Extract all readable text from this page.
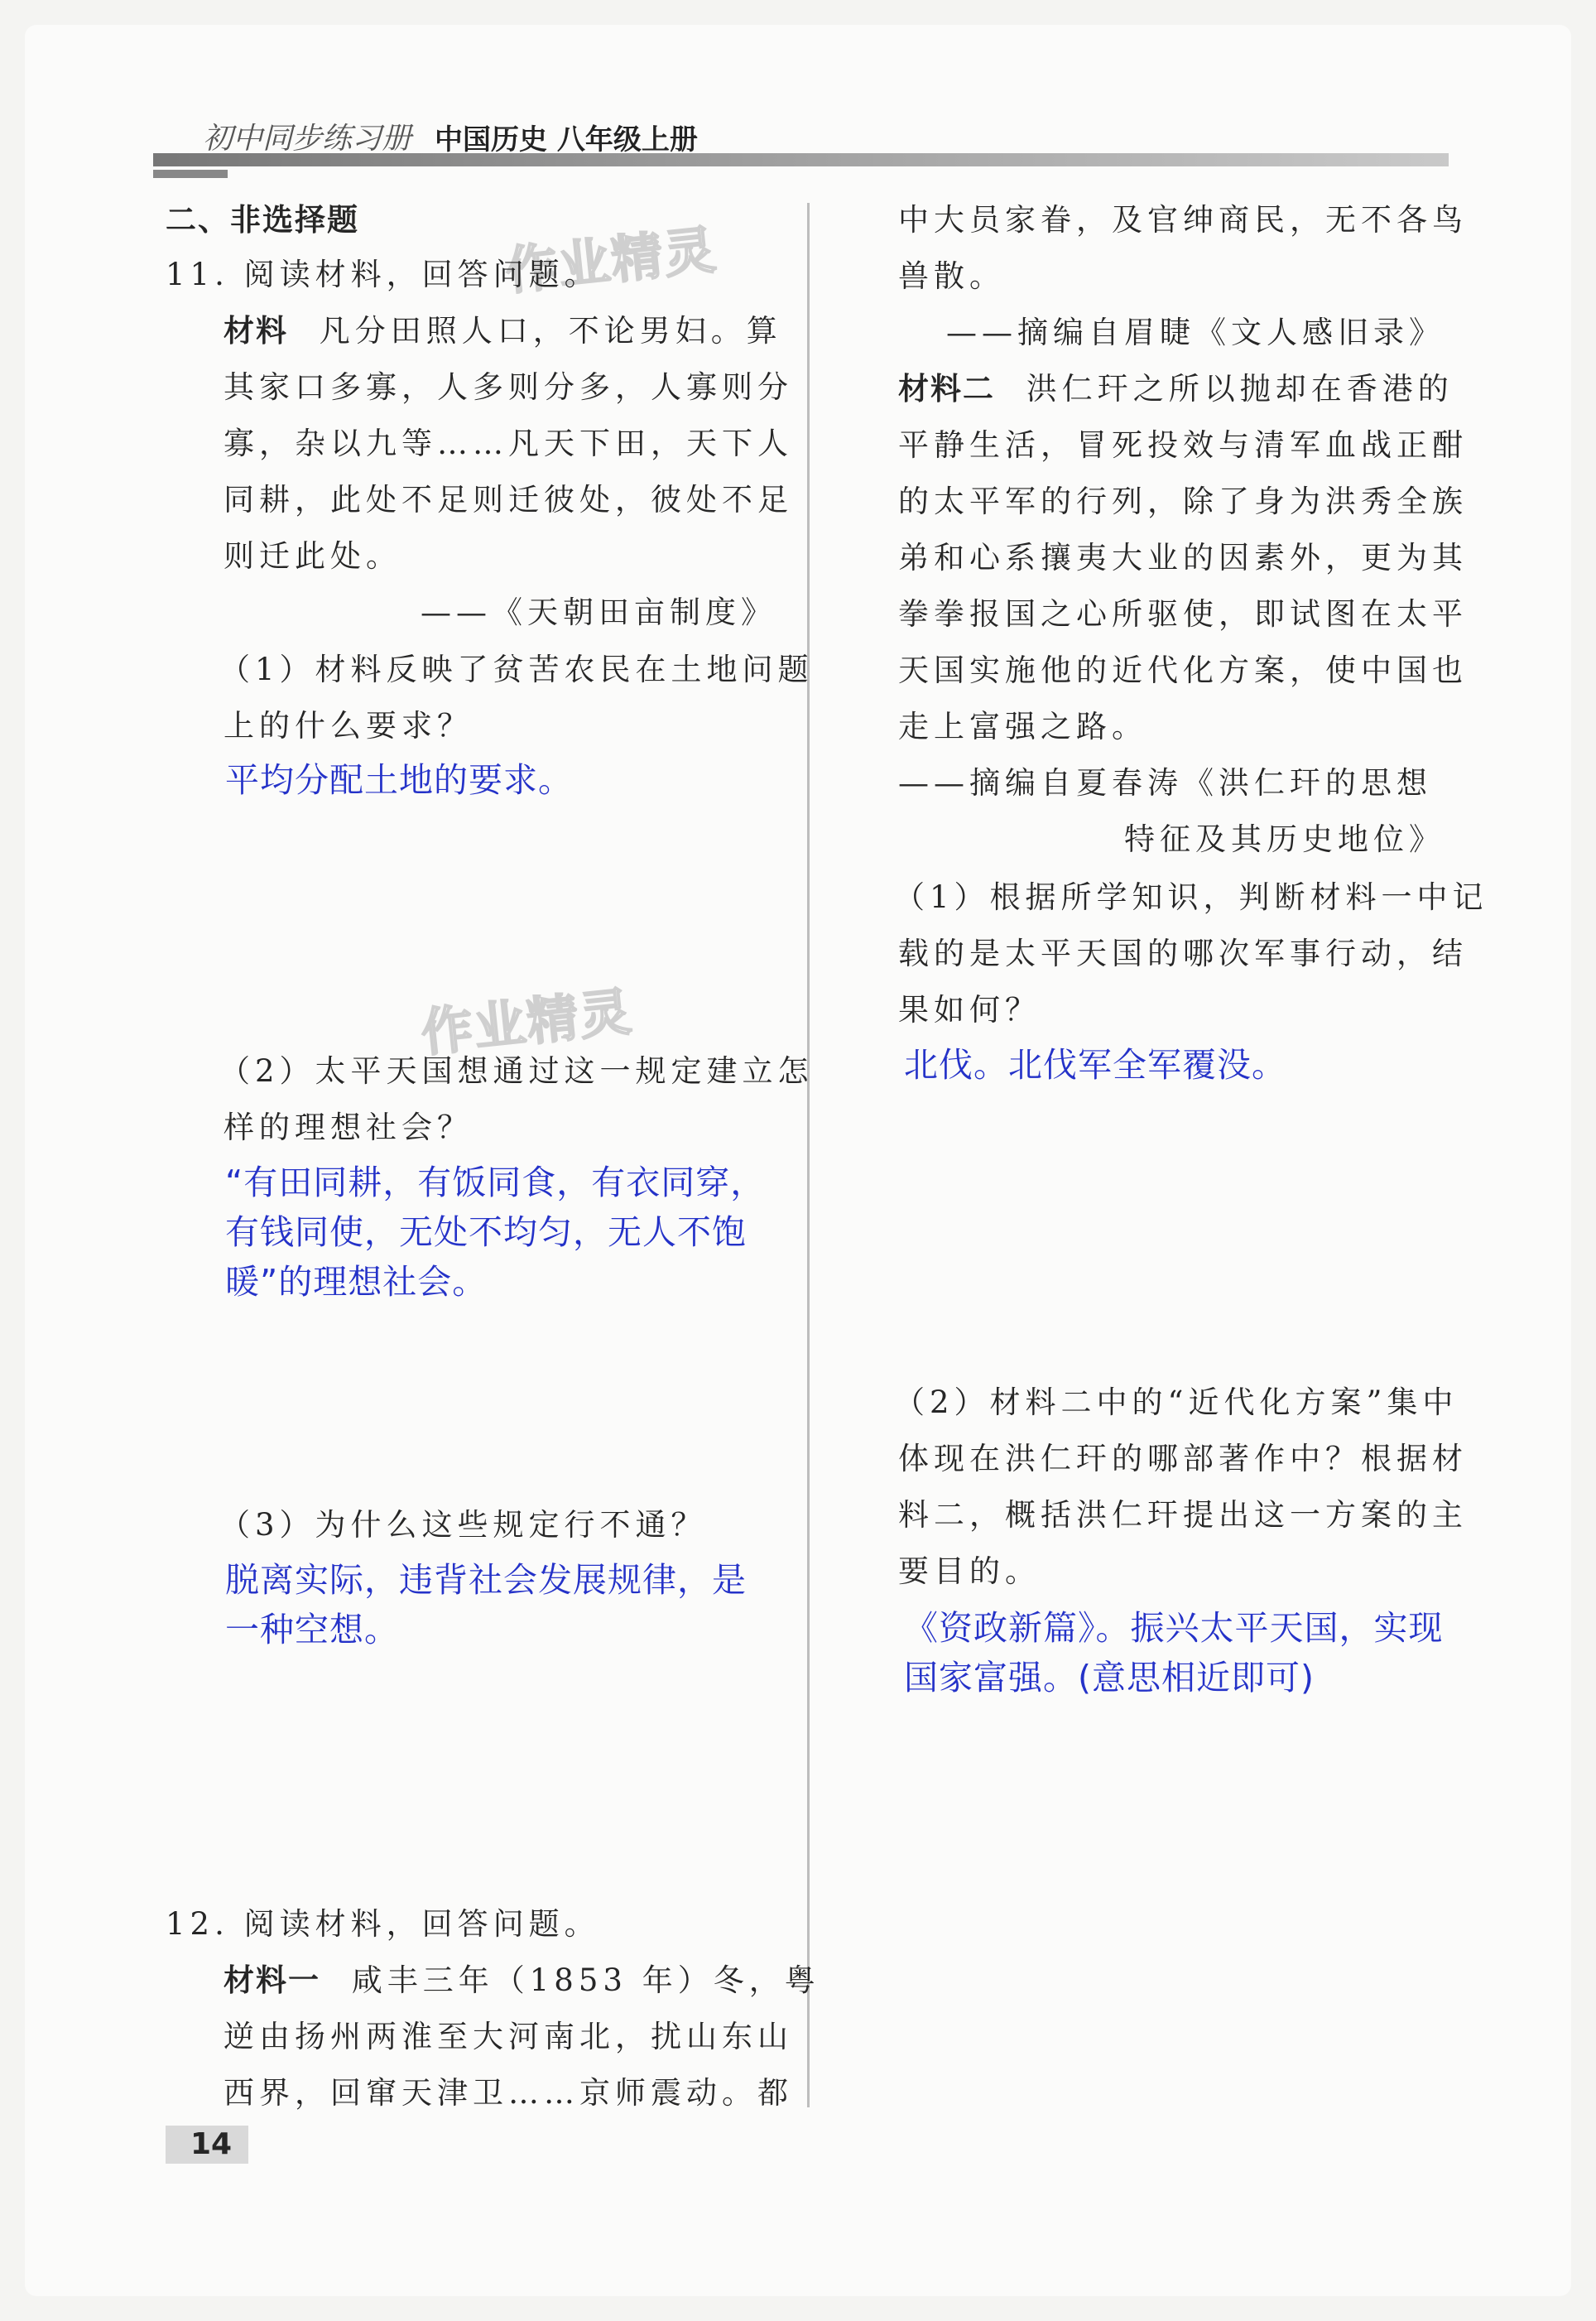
初中同步练习册 中国历史 八年级上册
作业精灵
作业精灵
二、非选择题
11. 阅读材料，回答问题。
材料 凡分田照人口，不论男妇。算
其家口多寡，人多则分多，人寡则分
寡，杂以九等……凡天下田，天下人
同耕，此处不足则迁彼处，彼处不足
则迁此处。
——《天朝田亩制度》
（1）材料反映了贫苦农民在土地问题
上的什么要求？
平均分配土地的要求。
（2）太平天国想通过这一规定建立怎
样的理想社会？
“有田同耕，有饭同食，有衣同穿，
有钱同使，无处不均匀，无人不饱
暖”的理想社会。
（3）为什么这些规定行不通？
脱离实际，违背社会发展规律，是
一种空想。
12. 阅读材料，回答问题。
材料一 咸丰三年（1853 年）冬，粤
逆由扬州两淮至大河南北，扰山东山
西界，回窜天津卫……京师震动。都
中大员家眷，及官绅商民，无不各鸟
兽散。
——摘编自眉睫《文人感旧录》
材料二 洪仁玕之所以抛却在香港的
平静生活，冒死投效与清军血战正酣
的太平军的行列，除了身为洪秀全族
弟和心系攘夷大业的因素外，更为其
拳拳报国之心所驱使，即试图在太平
天国实施他的近代化方案，使中国也
走上富强之路。
——摘编自夏春涛《洪仁玕的思想
特征及其历史地位》
（1）根据所学知识，判断材料一中记
载的是太平天国的哪次军事行动，结
果如何？
北伐。北伐军全军覆没。
（2）材料二中的“近代化方案”集中
体现在洪仁玕的哪部著作中？根据材
料二，概括洪仁玕提出这一方案的主
要目的。
《资政新篇》。振兴太平天国，实现
国家富强。(意思相近即可)
14
